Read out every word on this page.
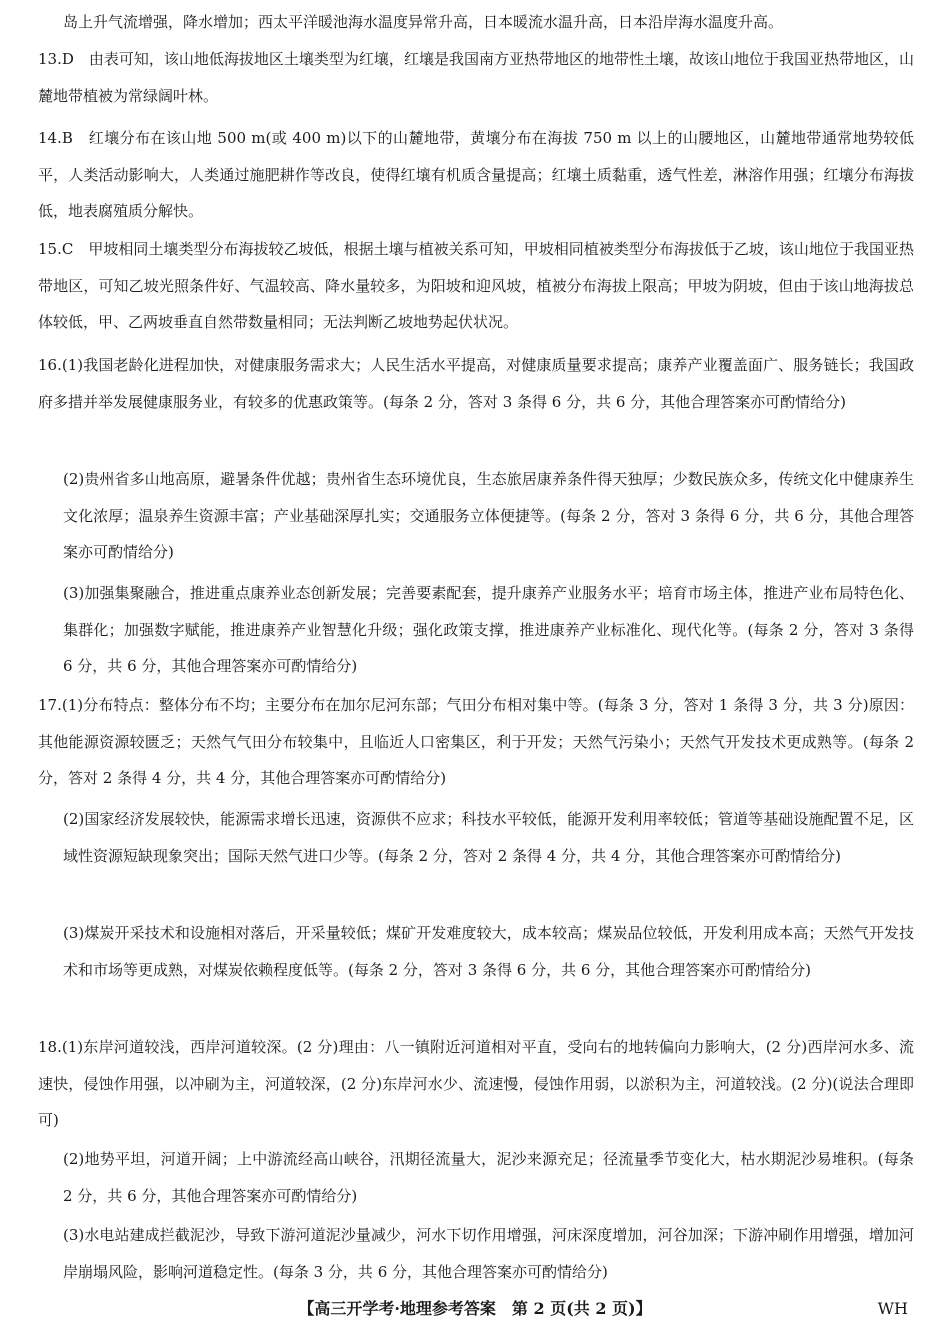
岛上升气流增强，降水增加；西太平洋暖池海水温度异常升高，日本暖流水温升高，日本沿岸海水温度升高。

13.D　 由表可知，该山地低海拔地区土壤类型为红壤，红壤是我国南方亚热带地区的地带性土壤，故该山地位于我国亚热带地区，山麓地带植被为常绿阔叶林。

14.B　 红壤分布在该山地 500 m(或 400 m)以下的山麓地带，黄壤分布在海拔 750 m 以上的山腰地区，山麓地带通常地势较低平，人类活动影响大，人类通过施肥耕作等改良，使得红壤有机质含量提高；红壤土质黏重，透气性差，淋溶作用强；红壤分布海拔低，地表腐殖质分解快。

15.C　 甲坡相同土壤类型分布海拔较乙坡低，根据土壤与植被关系可知，甲坡相同植被类型分布海拔低于乙坡，该山地位于我国亚热带地区，可知乙坡光照条件好、气温较高、降水量较多，为阳坡和迎风坡，植被分布海拔上限高；甲坡为阴坡，但由于该山地海拔总体较低，甲、乙两坡垂直自然带数量相同；无法判断乙坡地势起伏状况。

16.(1)我国老龄化进程加快，对健康服务需求大；人民生活水平提高，对健康质量要求提高；康养产业覆盖面广、服务链长；我国政府多措并举发展健康服务业，有较多的优惠政策等。(每条 2 分，答对 3 条得 6 分，共 6 分，其他合理答案亦可酌情给分)

(2)贵州省多山地高原，避暑条件优越；贵州省生态环境优良，生态旅居康养条件得天独厚；少数民族众多，传统文化中健康养生文化浓厚；温泉养生资源丰富；产业基础深厚扎实；交通服务立体便捷等。(每条 2 分，答对 3 条得 6 分，共 6 分，其他合理答案亦可酌情给分)

(3)加强集聚融合，推进重点康养业态创新发展；完善要素配套，提升康养产业服务水平；培育市场主体，推进产业布局特色化、集群化；加强数字赋能，推进康养产业智慧化升级；强化政策支撑，推进康养产业标准化、现代化等。(每条 2 分，答对 3 条得 6 分，共 6 分，其他合理答案亦可酌情给分)

17.(1)分布特点：整体分布不均；主要分布在加尔尼河东部；气田分布相对集中等。(每条 3 分，答对 1 条得 3 分，共 3 分)原因：其他能源资源较匮乏；天然气气田分布较集中，且临近人口密集区，利于开发；天然气污染小；天然气开发技术更成熟等。(每条 2 分，答对 2 条得 4 分，共 4 分，其他合理答案亦可酌情给分)

(2)国家经济发展较快，能源需求增长迅速，资源供不应求；科技水平较低，能源开发利用率较低；管道等基础设施配置不足，区域性资源短缺现象突出；国际天然气进口少等。(每条 2 分，答对 2 条得 4 分，共 4 分，其他合理答案亦可酌情给分)

(3)煤炭开采技术和设施相对落后，开采量较低；煤矿开发难度较大，成本较高；煤炭品位较低，开发利用成本高；天然气开发技术和市场等更成熟，对煤炭依赖程度低等。(每条 2 分，答对 3 条得 6 分，共 6 分，其他合理答案亦可酌情给分)

18.(1)东岸河道较浅，西岸河道较深。(2 分)理由：八一镇附近河道相对平直，受向右的地转偏向力影响大，(2 分)西岸河水多、流速快，侵蚀作用强，以冲刷为主，河道较深，(2 分)东岸河水少、流速慢，侵蚀作用弱，以淤积为主，河道较浅。(2 分)(说法合理即可)

(2)地势平坦，河道开阔；上中游流经高山峡谷，汛期径流量大，泥沙来源充足；径流量季节变化大，枯水期泥沙易堆积。(每条 2 分，共 6 分，其他合理答案亦可酌情给分)

(3)水电站建成拦截泥沙，导致下游河道泥沙量减少，河水下切作用增强，河床深度增加，河谷加深；下游冲刷作用增强，增加河岸崩塌风险，影响河道稳定性。(每条 3 分，共 6 分，其他合理答案亦可酌情给分)

【高三开学考·地理参考答案　第 2 页(共 2 页)】	WH
